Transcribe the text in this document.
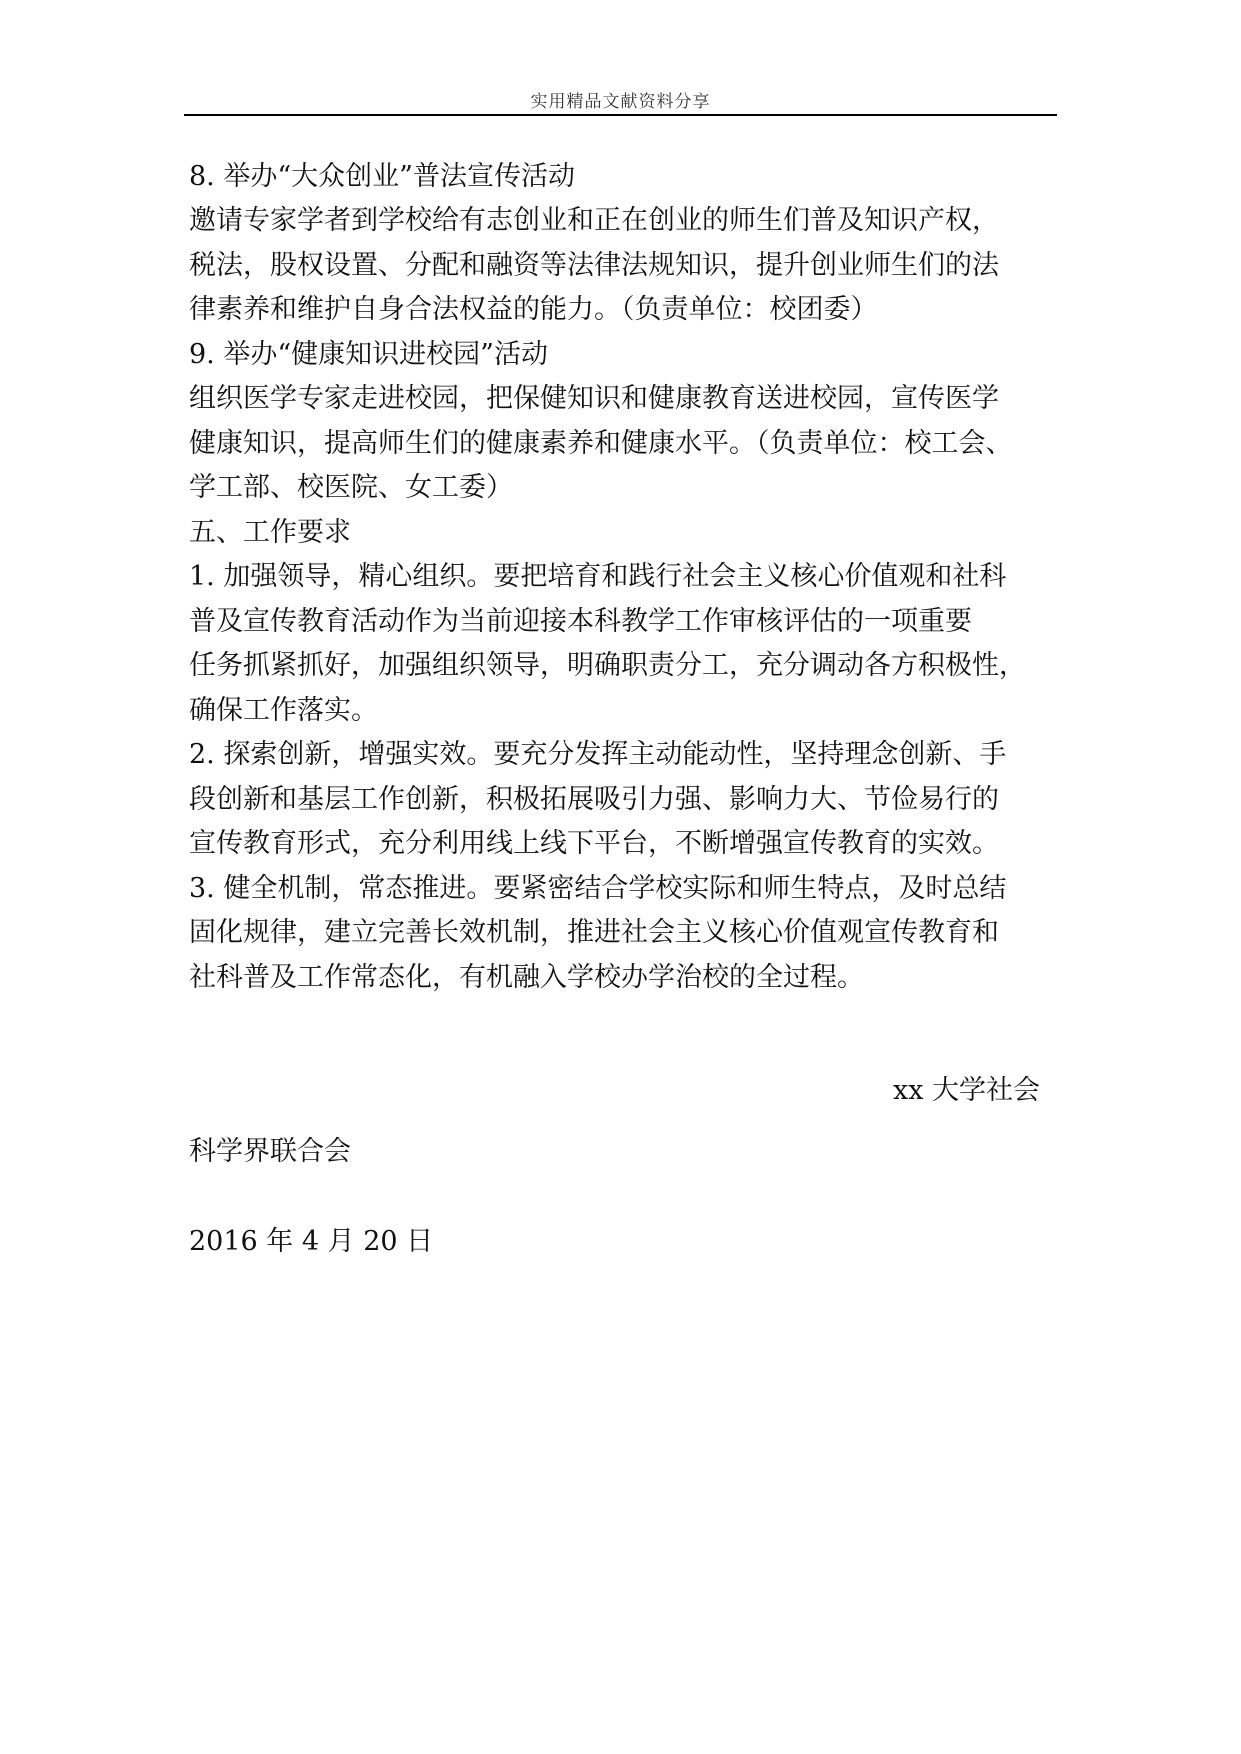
实用精品文献资料分享
8. 举办“大众创业”普法宣传活动
邀请专家学者到学校给有志创业和正在创业的师生们普及知识产权，
税法，股权设置、分配和融资等法律法规知识，提升创业师生们的法
律素养和维护自身合法权益的能力。（负责单位：校团委）
9. 举办“健康知识进校园”活动
组织医学专家走进校园，把保健知识和健康教育送进校园，宣传医学
健康知识，提高师生们的健康素养和健康水平。（负责单位：校工会、
学工部、校医院、女工委）
五、工作要求
1. 加强领导，精心组织。要把培育和践行社会主义核心价值观和社科
普及宣传教育活动作为当前迎接本科教学工作审核评估的一项重要
任务抓紧抓好，加强组织领导，明确职责分工，充分调动各方积极性，
确保工作落实。
2. 探索创新，增强实效。要充分发挥主动能动性，坚持理念创新、手
段创新和基层工作创新，积极拓展吸引力强、影响力大、节俭易行的
宣传教育形式，充分利用线上线下平台，不断增强宣传教育的实效。
3. 健全机制，常态推进。要紧密结合学校实际和师生特点，及时总结
固化规律，建立完善长效机制，推进社会主义核心价值观宣传教育和
社科普及工作常态化，有机融入学校办学治校的全过程。
xx 大学社会
科学界联合会
2016 年 4 月 20 日
